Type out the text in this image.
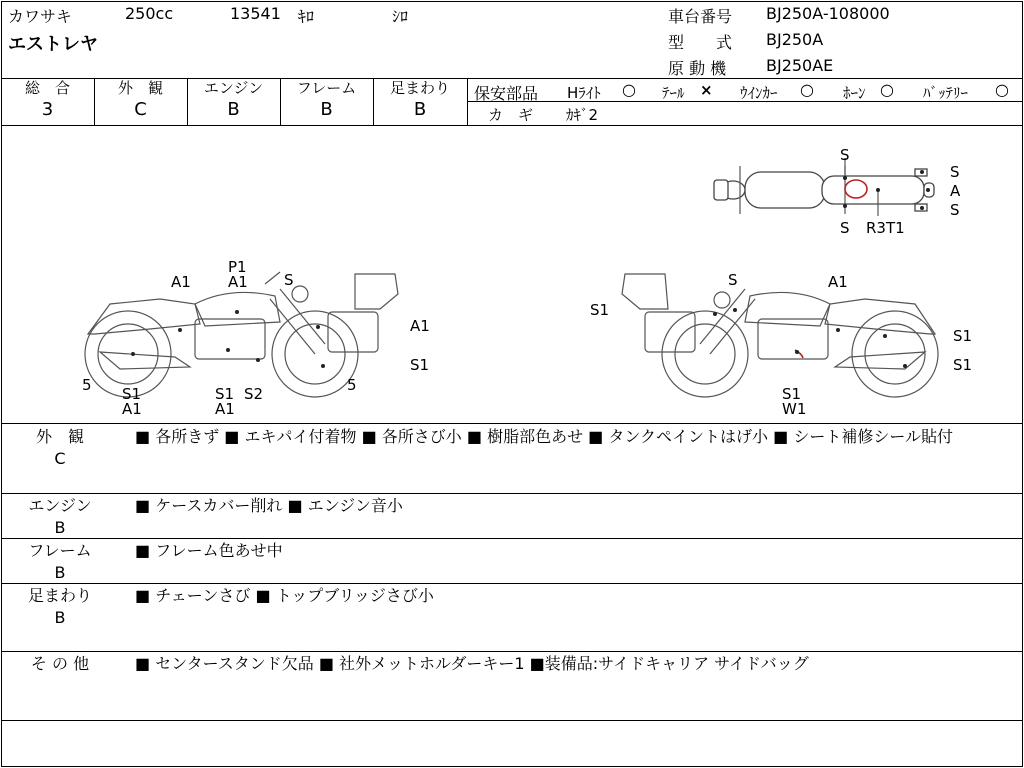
カワサキ	250cc	13541 ｷﾛ	ｼﾛ
エストレヤ
車台番号 BJ250A-108000
型　　式 BJ250A
原 動 機 BJ250AE
総　合
3
外　観
C
エンジン
B
フレーム
B
足まわり
B
保安部品 Hﾗｲﾄ ○ ﾃｰﾙ × ｳｲﾝｶｰ ○ ﾎｰﾝ ○ ﾊﾞｯﾃﾘｰ ○
カ　ギ ｶｷﾞ2
S
S
A
S
S R3T1
P1
A1 A1 S
A1
S1
5	5
S1
A1
S1 S2
A1
S	A1
S1
S1
S1
S1
W1
外　観
C
■ 各所きず ■ エキパイ付着物 ■ 各所さび小 ■ 樹脂部色あせ ■ タンクペイントはげ小 ■ シート補修シール貼付
エンジン
B
■ ケースカバー削れ ■ エンジン音小
フレーム
B
■ フレーム色あせ中
足まわり
B
■ チェーンさび ■ トップブリッジさび小
そ の 他	■ センタースタンド欠品 ■ 社外メットホルダーキー1 ■装備品:サイドキャリア サイドバッグ
